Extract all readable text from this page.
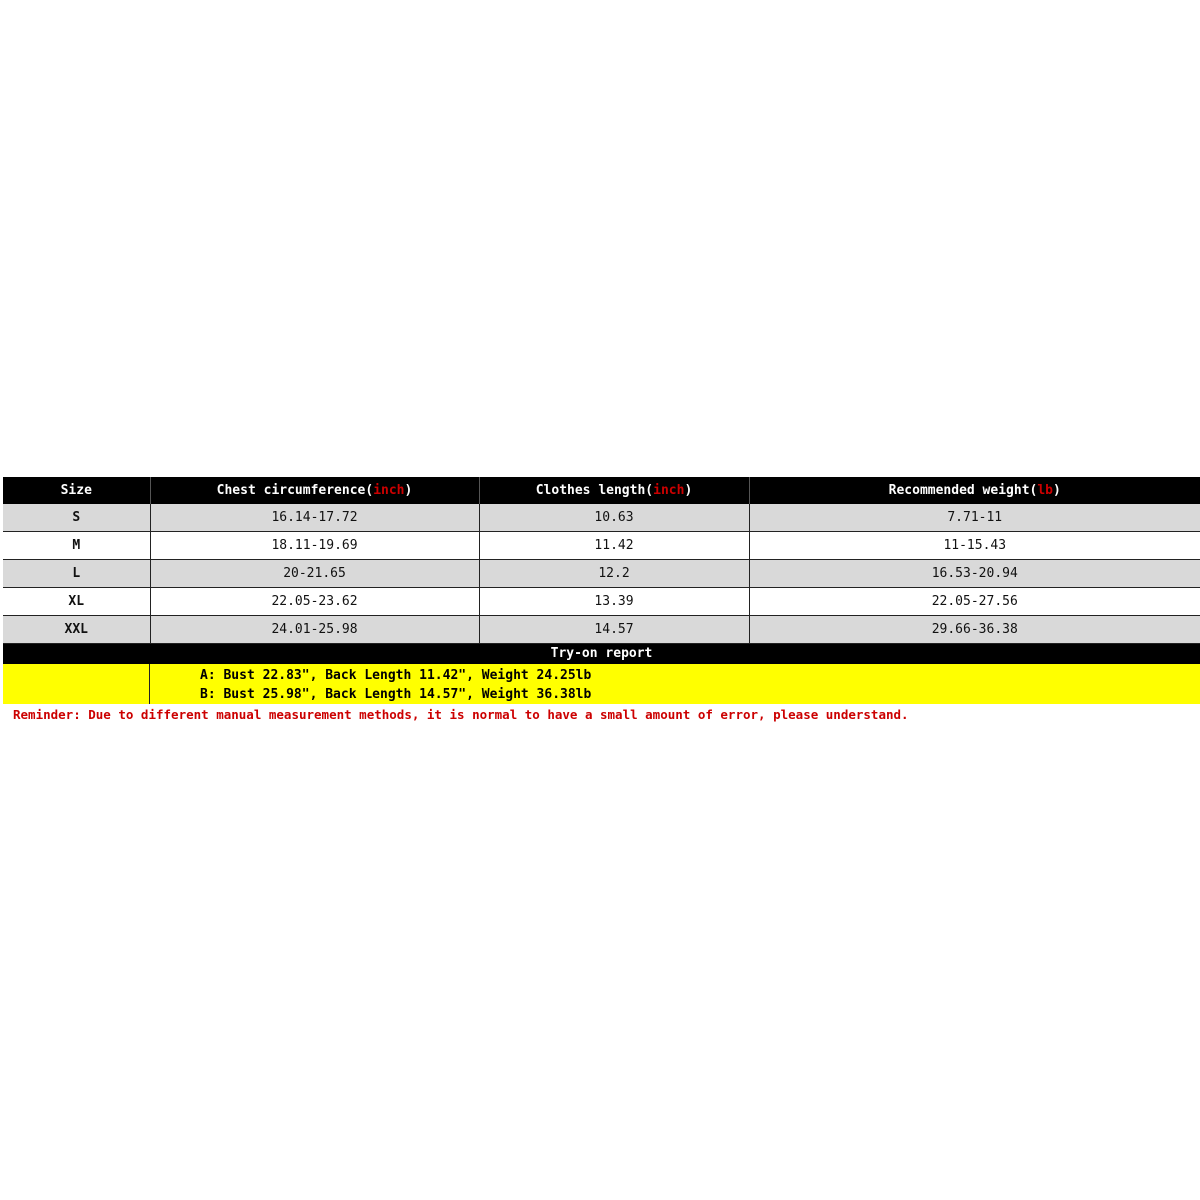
Size	Chest circumference(inch)	Clothes length(inch)	Recommended weight(lb)
S	16.14-17.72	10.63	7.71-11
M	18.11-19.69	11.42	11-15.43
L	20-21.65	12.2	16.53-20.94
XL	22.05-23.62	13.39	22.05-27.56
XXL	24.01-25.98	14.57	29.66-36.38
Try-on report
A: Bust 22.83", Back Length 11.42", Weight 24.25lb
B: Bust 25.98", Back Length 14.57", Weight 36.38lb
Reminder: Due to different manual measurement methods, it is normal to have a small amount of error, please understand.
